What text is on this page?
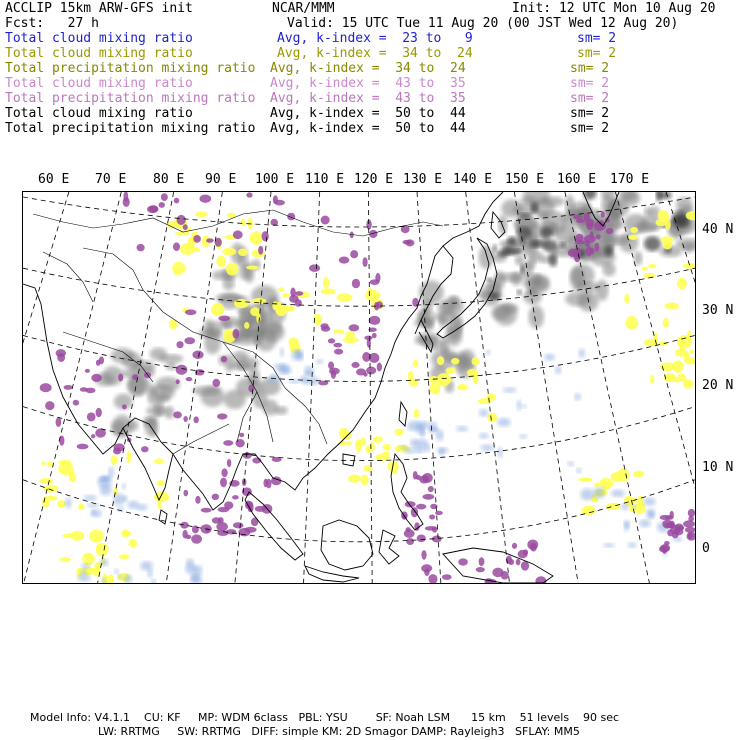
ACCLIP 15km ARW-GFS init	NCAR/MMM	Init: 12 UTC Mon 10 Aug 20
Fcst:   27 h	Valid: 15 UTC Tue 11 Aug 20 (00 JST Wed 12 Aug 20)
Total cloud mixing ratio	Avg, k-index =  23 to   9	sm= 2
Total cloud mixing ratio	Avg, k-index =  34 to  24	sm= 2
Total precipitation mixing ratio Avg, k-index =  34 to  24	sm= 2
Total cloud mixing ratio	Avg, k-index =  43 to  35	sm= 2
Total precipitation mixing ratio Avg, k-index =  43 to  35	sm= 2
Total cloud mixing ratio	Avg, k-index =  50 to  44	sm= 2
Total precipitation mixing ratio Avg, k-index =  50 to  44	sm= 2
60 E 70 E 80 E 90 E 100 E 110 E 120 E 130 E 140 E 150 E 160 E 170 E
40 N
30 N
20 N
10 N
0
Model Info: V4.1.1    CU: KF     MP: WDM 6class   PBL: YSU        SF: Noah LSM      15 km    51 levels    90 sec
LW: RRTMG     SW: RRTMG   DIFF: simple KM: 2D Smagor DAMP: Rayleigh3   SFLAY: MM5
